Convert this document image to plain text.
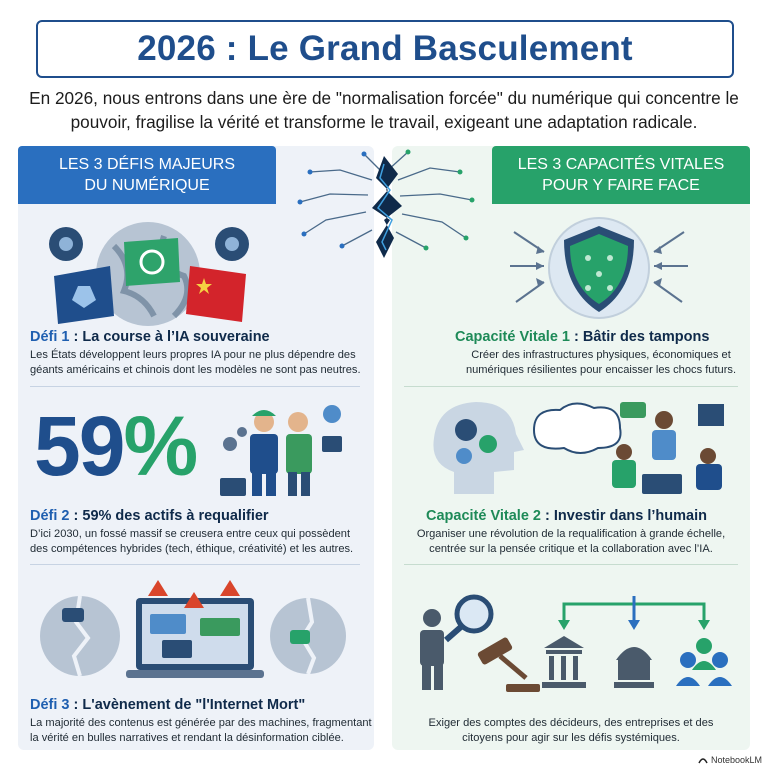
2026 : Le Grand Basculement

En 2026, nous entrons dans une ère de "normalisation forcée" du numérique qui concentre le pouvoir, fragilise la vérité et transforme le travail, exigeant une adaptation radicale.

LES 3 DÉFIS MAJEURS
DU NUMÉRIQUE
LES 3 CAPACITÉS VITALES
POUR Y FAIRE FACE
Défi 1 : La course à l’IA souveraine
Les États développent leurs propres IA pour ne plus dépendre des
géants américains et chinois dont les modèles ne sont pas neutres.
59%
Défi 2 : 59% des actifs à requalifier
D’ici 2030, un fossé massif se creusera entre ceux qui possèdent
des compétences hybrides (tech, éthique, créativité) et les autres.
Défi 3 : L'avènement de "l'Internet Mort"
La majorité des contenus est générée par des machines, fragmentant
la vérité en bulles narratives et rendant la désinformation ciblée.
Capacité Vitale 1 : Bâtir des tampons
Créer des infrastructures physiques, économiques et
numériques résilientes pour encaisser les chocs futurs.
Capacité Vitale 2 : Investir dans l’humain
Organiser une révolution de la requalification à grande échelle,
centrée sur la pensée critique et la collaboration avec l’IA.
Exiger des comptes des décideurs, des entreprises et des
citoyens pour agir sur les défis systémiques.
NotebookLM
